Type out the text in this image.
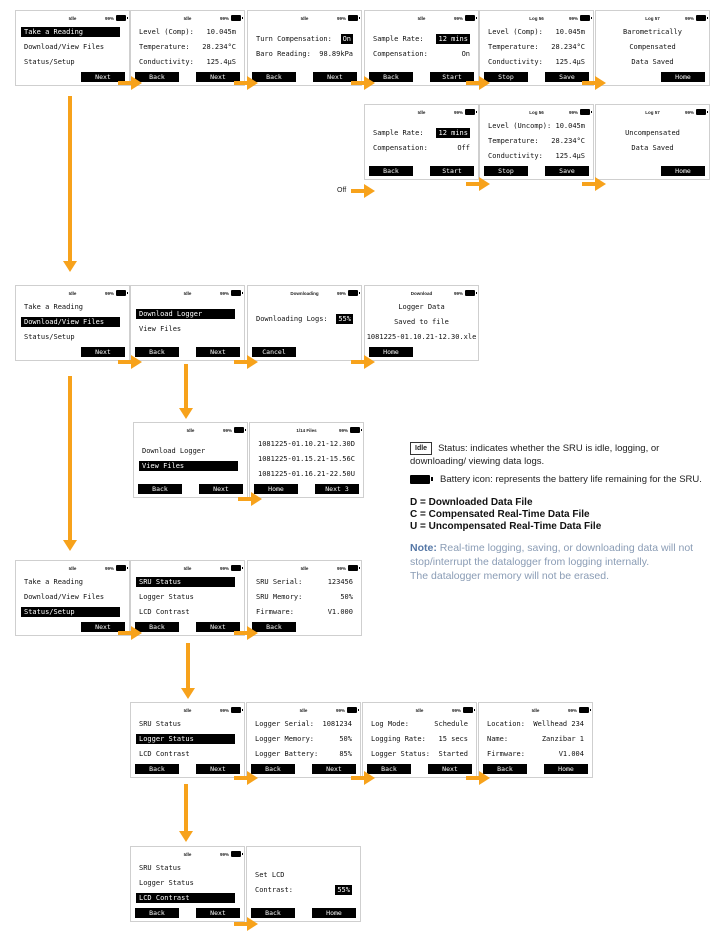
Idle	99%
Take a Reading
Download/View Files
Status/Setup
Next
Idle	99%
Level (Comp): 10.045m
Temperature: 28.234°C
Conductivity: 125.4µS
Back	Next
Idle	99%
Turn Compensation: On
Baro Reading: 98.89kPa
Back	Next
Idle	99%
Sample Rate: 12 mins
Compensation:	On
Back	Start
Log 56	99%
Level (Comp): 10.045m
Temperature: 28.234°C
Conductivity: 125.4µS
Stop	Save
Log 57	99%
Barometrically
Compensated
Data Saved
Home
Idle	99%
Sample Rate: 12 mins
Compensation:	Off
Back	Start
Log 56	99%
Level (Uncomp): 10.045m
Temperature: 28.234°C
Conductivity: 125.4µS
Stop	Save
Log 57	99%
Uncompensated
Data Saved
Home
Idle	99%
Take a Reading
Download/View Files
Status/Setup
Next
Idle	99%
Download Logger
View Files
Back	Next
Downloading	99%
Downloading Logs: 55%
Cancel
Download	99%
Logger Data
Saved to file
1081225-01.10.21-12.30.xle
Home
Idle	99%
Download Logger
View Files
Back	Next
1/14 Files	99%
1081225-01.10.21-12.30 D
1081225-01.15.21-15.56 C
1081225-01.16.21-22.50 U
Home	Next 3
Idle	99%
Take a Reading
Download/View Files
Status/Setup
Next
Idle	99%
SRU Status
Logger Status
LCD Contrast
Back	Next
Idle	99%
SRU Serial:	123456
SRU Memory:	50%
Firmware:	V1.000
Back
Idle	99%
SRU Status
Logger Status
LCD Contrast
Back	Next
Idle	99%
Logger Serial: 1081234
Logger Memory:	50%
Logger Battery:	85%
Back	Next
Idle	99%
Log Mode:	Schedule
Logging Rate: 15 secs
Logger Status: Started
Back	Next
Idle	99%
Location: Wellhead 234
Name:	Zanzibar 1
Firmware:	V1.004
Back	Home
Idle	99%
SRU Status
Logger Status
LCD Contrast
Back	Next
Set LCD
Contrast:	55%
Back	Home
Off
Idle Status: indicates whether the SRU is idle, logging, or downloading/ viewing data logs.
Battery icon: represents the battery life remaining for the SRU.
D = Downloaded Data File
C = Compensated Real-Time Data File
U = Uncompensated Real-Time Data File
Note: Real-time logging, saving, or downloading data will not stop/interrupt the datalogger from logging internally.
The datalogger memory will not be erased.
